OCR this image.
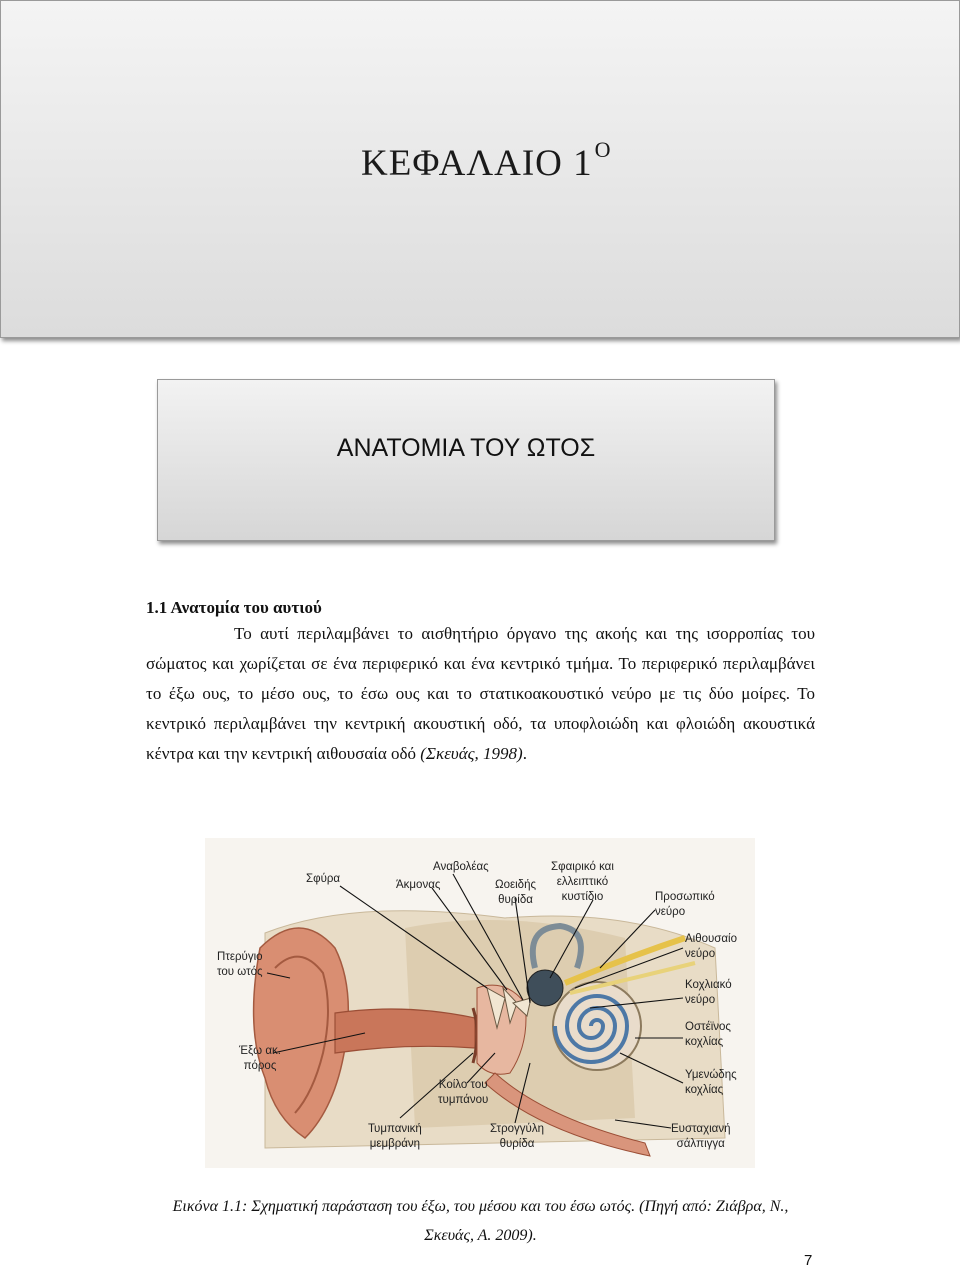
ΚΕΦΑΛΑΙΟ $1^O$
ΑΝΑΤΟΜΙΑ ΤΟΥ ΩΤΟΣ
1.1 Ανατομία του αυτιού

Το αυτί περιλαμβάνει το αισθητήριο όργανο της ακοής και της ισορροπίας του σώματος και χωρίζεται σε ένα περιφερικό και ένα κεντρικό τμήμα. Το περιφερικό περιλαμβάνει το έξω ους, το μέσο ους, το έσω ους και το στατικοακουστικό νεύρο με τις δύο μοίρες. Το κεντρικό περιλαμβάνει την κεντρική ακουστική οδό, τα υποφλοιώδη και φλοιώδη ακουστικά κέντρα και την κεντρική αιθουσαία οδό (Σκευάς, 1998).

Σφύρα
Αναβολέας
Άκμονας	Ωοειδής
θυρίδα
Σφαιρικό και
ελλειπτικό
κυστίδιο	Προσωπικό
νεύρο
Πτερύγιο
του ωτός
Αιθουσαίο
νεύρο
Κοχλιακό
νεύρο
Έξω ακ.
πόρος
Οστέϊνος
κοχλίας
Κοίλο του
τυμπάνου
Υμενώδης
κοχλίας
Τυμπανική
μεμβράνη
Στρογγύλη
θυρίδα
Ευσταχιανή
σάλπιγγα
Εικόνα 1.1: Σχηματική παράσταση του έξω, του μέσου και του έσω ωτός. (Πηγή από: Ζιάβρα, Ν., Σκευάς, Α. 2009).
7
